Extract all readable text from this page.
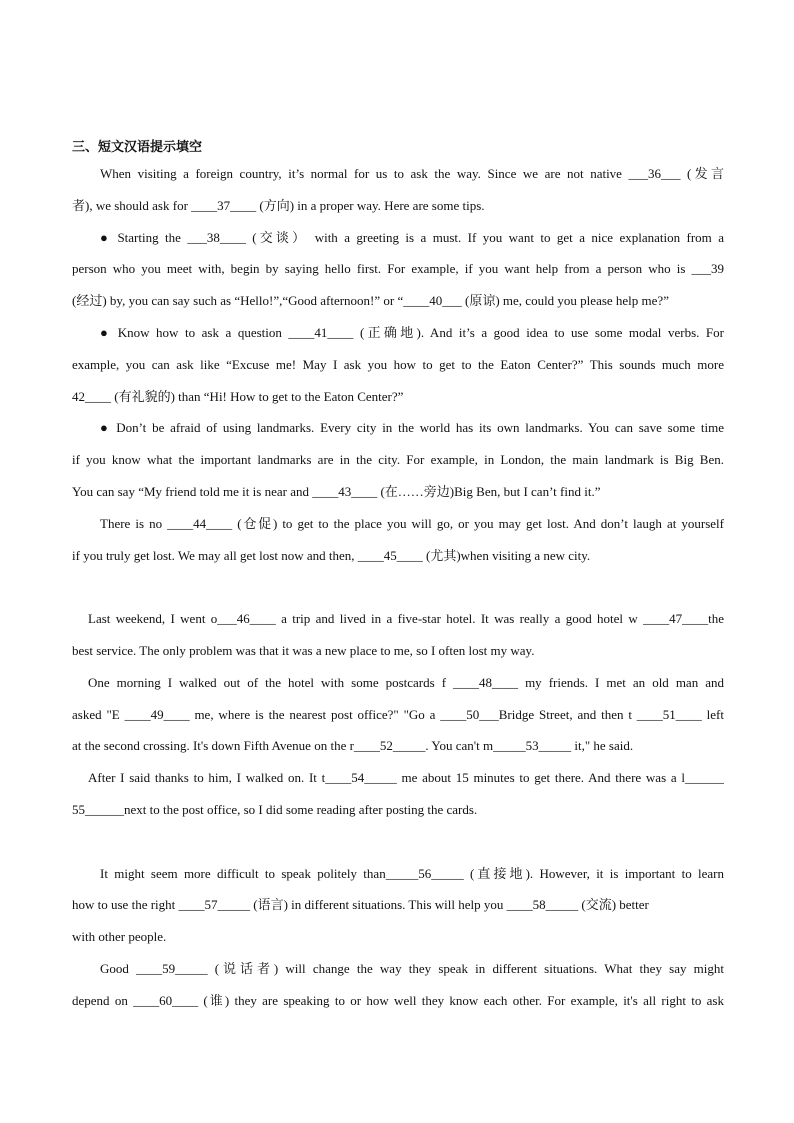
三、短文汉语提示填空
When visiting a foreign country, it’s normal for us to ask the way. Since we are not native ___36___ (发言
者), we should ask for ____37____ (方向) in a proper way. Here are some tips.
● Starting the ___38____ (交谈） with a greeting is a must. If you want to get a nice explanation from a
person who you meet with, begin by saying hello first. For example, if you want help from a person who is ___39
(经过) by, you can say such as “Hello!”,“Good afternoon!” or “____40___ (原谅) me, could you please help me?”
● Know how to ask a question ____41____ (正确地). And it’s a good idea to use some modal verbs. For
example, you can ask like “Excuse me! May I ask you how to get to the Eaton Center?” This sounds much more
42____ (有礼貌的) than “Hi! How to get to the Eaton Center?”
● Don’t be afraid of using landmarks. Every city in the world has its own landmarks. You can save some time
if you know what the important landmarks are in the city. For example, in London, the main landmark is Big Ben.
You can say “My friend told me it is near and ____43____ (在……旁边)Big Ben, but I can’t find it.”
There is no ____44____ (仓促) to get to the place you will go, or you may get lost. And don’t laugh at yourself
if you truly get lost. We may all get lost now and then, ____45____ (尤其)when visiting a new city.
Last weekend, I went o___46____ a trip and lived in a five-star hotel. It was really a good hotel w ____47____the
best service. The only problem was that it was a new place to me, so I often lost my way.
One morning I walked out of the hotel with some postcards f ____48____ my friends. I met an old man and
asked "E ____49____ me, where is the nearest post office?" "Go a ____50___Bridge Street, and then t ____51____ left
at the second crossing. It's down Fifth Avenue on the r____52_____. You can't m_____53_____ it," he said.
After I said thanks to him, I walked on. It t____54_____ me about 15 minutes to get there. And there was a l______
55______next to the post office, so I did some reading after posting the cards.
It might seem more difficult to speak politely than_____56_____ (直接地). However, it is important to learn
how to use the right ____57_____ (语言) in different situations. This will help you ____58_____ (交流) better
with other people.
Good ____59_____ (说话者) will change the way they speak in different situations. What they say might
depend on ____60____ (谁) they are speaking to or how well they know each other. For example, it's all right to ask
